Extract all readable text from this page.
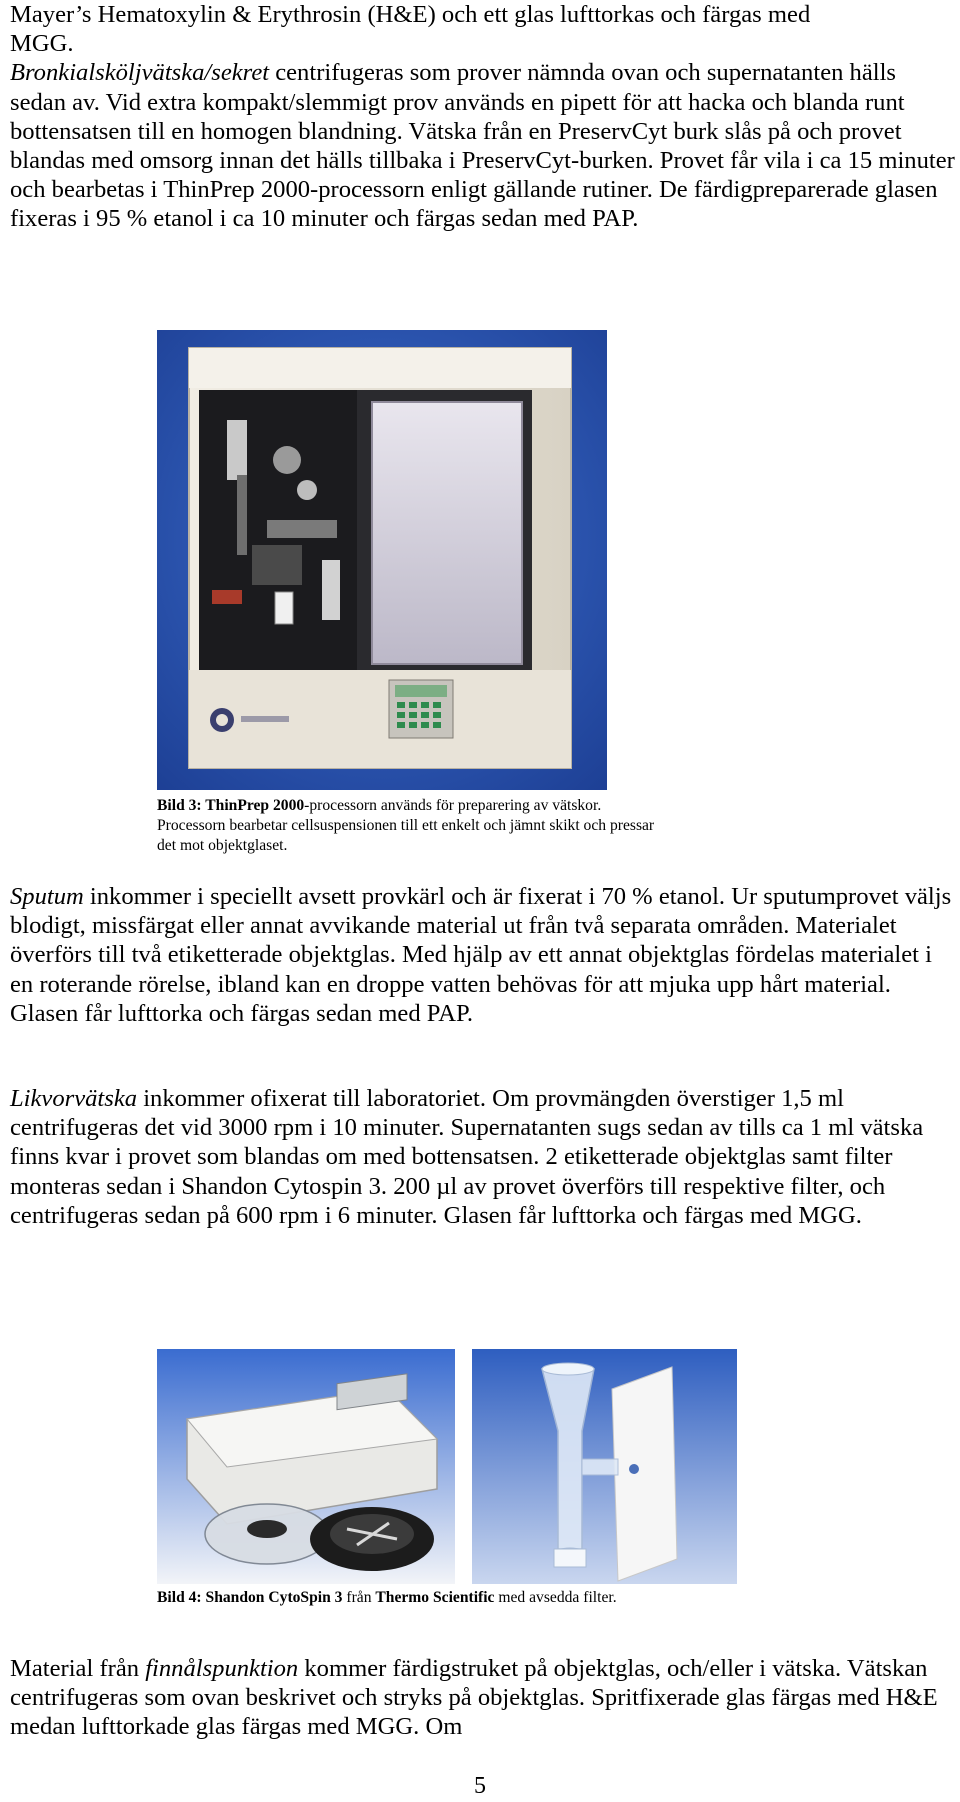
Mayer’s Hematoxylin & Erythrosin (H&E) och ett glas lufttorkas och färgas med
MGG.
Bronkialsköljvätska/sekret centrifugeras som prover nämnda ovan och supernatanten hälls sedan av. Vid extra kompakt/slemmigt prov används en pipett för att hacka och blanda runt bottensatsen till en homogen blandning. Vätska från en PreservCyt burk slås på och provet blandas med omsorg innan det hälls tillbaka i PreservCyt-burken. Provet får vila i ca 15 minuter och bearbetas i ThinPrep 2000-processorn enligt gällande rutiner. De färdigpreparerade glasen fixeras i 95 % etanol i ca 10 minuter och färgas sedan med PAP.

Bild 3: ThinPrep 2000-processorn används för preparering av vätskor. Processorn bearbetar cellsuspensionen till ett enkelt och jämnt skikt och pressar det mot objektglaset.

Sputum inkommer i speciellt avsett provkärl och är fixerat i 70 % etanol. Ur sputumprovet väljs blodigt, missfärgat eller annat avvikande material ut från två separata områden. Materialet överförs till två etiketterade objektglas. Med hjälp av ett annat objektglas fördelas materialet i en roterande rörelse, ibland kan en droppe vatten behövas för att mjuka upp hårt material. Glasen får lufttorka och färgas sedan med PAP.

Likvorvätska inkommer ofixerat till laboratoriet. Om provmängden överstiger 1,5 ml centrifugeras det vid 3000 rpm i 10 minuter. Supernatanten sugs sedan av tills ca 1 ml vätska finns kvar i provet som blandas om med bottensatsen. 2 etiketterade objektglas samt filter monteras sedan i Shandon Cytospin 3. 200 µl av provet överförs till respektive filter, och centrifugeras sedan på 600 rpm i 6 minuter. Glasen får lufttorka och färgas med MGG.

Bild 4: Shandon CytoSpin 3 från Thermo Scientific med avsedda filter.

Material från finnålspunktion kommer färdigstruket på objektglas, och/eller i vätska. Vätskan centrifugeras som ovan beskrivet och stryks på objektglas. Spritfixerade glas färgas med H&E medan lufttorkade glas färgas med MGG. Om

5
